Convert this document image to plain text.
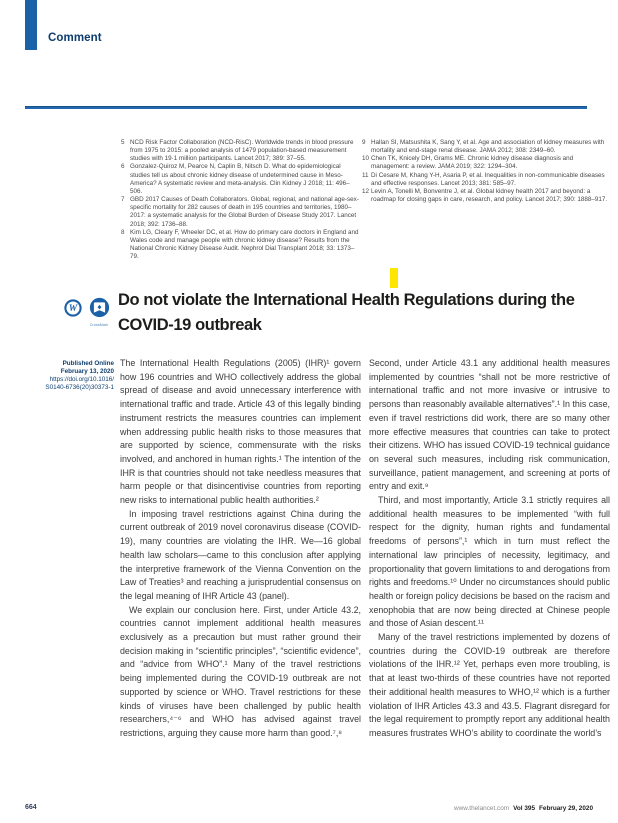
Comment
5 NCD Risk Factor Collaboration (NCD-RisC). Worldwide trends in blood pressure from 1975 to 2015: a pooled analysis of 1479 population-based measurement studies with 19·1 million participants. Lancet 2017; 389: 37–55.
6 Gonzalez-Quiroz M, Pearce N, Caplin B, Nitsch D. What do epidemiological studies tell us about chronic kidney disease of undetermined cause in Meso-America? A systematic review and meta-analysis. Clin Kidney J 2018; 11: 496–506.
7 GBD 2017 Causes of Death Collaborators. Global, regional, and national age-sex-specific mortality for 282 causes of death in 195 countries and territories, 1980–2017: a systematic analysis for the Global Burden of Disease Study 2017. Lancet 2018; 392: 1736–88.
8 Kim LG, Cleary F, Wheeler DC, et al. How do primary care doctors in England and Wales code and manage people with chronic kidney disease? Results from the National Chronic Kidney Disease Audit. Nephrol Dial Transplant 2018; 33: 1373–79.
9 Hallan SI, Matsushita K, Sang Y, et al. Age and association of kidney measures with mortality and end-stage renal disease. JAMA 2012; 308: 2349–60.
10 Chen TK, Knicely DH, Grams ME. Chronic kidney disease diagnosis and management: a review. JAMA 2019; 322: 1294–304.
11 Di Cesare M, Khang Y-H, Asaria P, et al. Inequalities in non-communicable diseases and effective responses. Lancet 2013; 381: 585–97.
12 Levin A, Tonelli M, Bonventre J, et al. Global kidney health 2017 and beyond: a roadmap for closing gaps in care, research, and policy. Lancet 2017; 390: 1888–917.
W
CrossMark
Do not violate the International Health Regulations during the COVID-19 outbreak
Published Online
February 13, 2020
https://doi.org/10.1016/
S0140-6736(20)30373-1

The International Health Regulations (2005) (IHR)¹ govern how 196 countries and WHO collectively address the global spread of disease and avoid unnecessary interference with international traffic and trade. Article 43 of this legally binding instrument restricts the measures countries can implement when addressing public health risks to those measures that are supported by science, commensurate with the risks involved, and anchored in human rights.¹ The intention of the IHR is that countries should not take needless measures that harm people or that disincentivise countries from reporting new risks to international public health authorities.²

In imposing travel restrictions against China during the current outbreak of 2019 novel coronavirus disease (COVID-19), many countries are violating the IHR. We—16 global health law scholars—came to this conclusion after applying the interpretive framework of the Vienna Convention on the Law of Treaties³ and reaching a jurisprudential consensus on the legal meaning of IHR Article 43 (panel).

We explain our conclusion here. First, under Article 43.2, countries cannot implement additional health measures exclusively as a precaution but must rather ground their decision making in “scientific principles”, “scientific evidence”, and “advice from WHO”.¹ Many of the travel restrictions being implemented during the COVID-19 outbreak are not supported by science or WHO. Travel restrictions for these kinds of viruses have been challenged by public health researchers,⁴⁻⁶ and WHO has advised against travel restrictions, arguing they cause more harm than good.⁷,⁸

Second, under Article 43.1 any additional health measures implemented by countries “shall not be more restrictive of international traffic and not more invasive or intrusive to persons than reasonably available alternatives”.¹ In this case, even if travel restrictions did work, there are so many other more effective measures that countries can take to protect their citizens. WHO has issued COVID-19 technical guidance on several such measures, including risk communication, surveillance, patient management, and screening at ports of entry and exit.⁹

Third, and most importantly, Article 3.1 strictly requires all additional health measures to be implemented “with full respect for the dignity, human rights and fundamental freedoms of persons”,¹ which in turn must reflect the international law principles of necessity, legitimacy, and proportionality that govern limitations to and derogations from rights and freedoms.¹⁰ Under no circumstances should public health or foreign policy decisions be based on the racism and xenophobia that are now being directed at Chinese people and those of Asian descent.¹¹

Many of the travel restrictions implemented by dozens of countries during the COVID-19 outbreak are therefore violations of the IHR.¹² Yet, perhaps even more troubling, is that at least two-thirds of these countries have not reported their additional health measures to WHO,¹² which is a further violation of IHR Articles 43.3 and 43.5. Flagrant disregard for the legal requirement to promptly report any additional health measures frustrates WHO’s ability to coordinate the world’s

664	www.thelancet.com Vol 395 February 29, 2020
